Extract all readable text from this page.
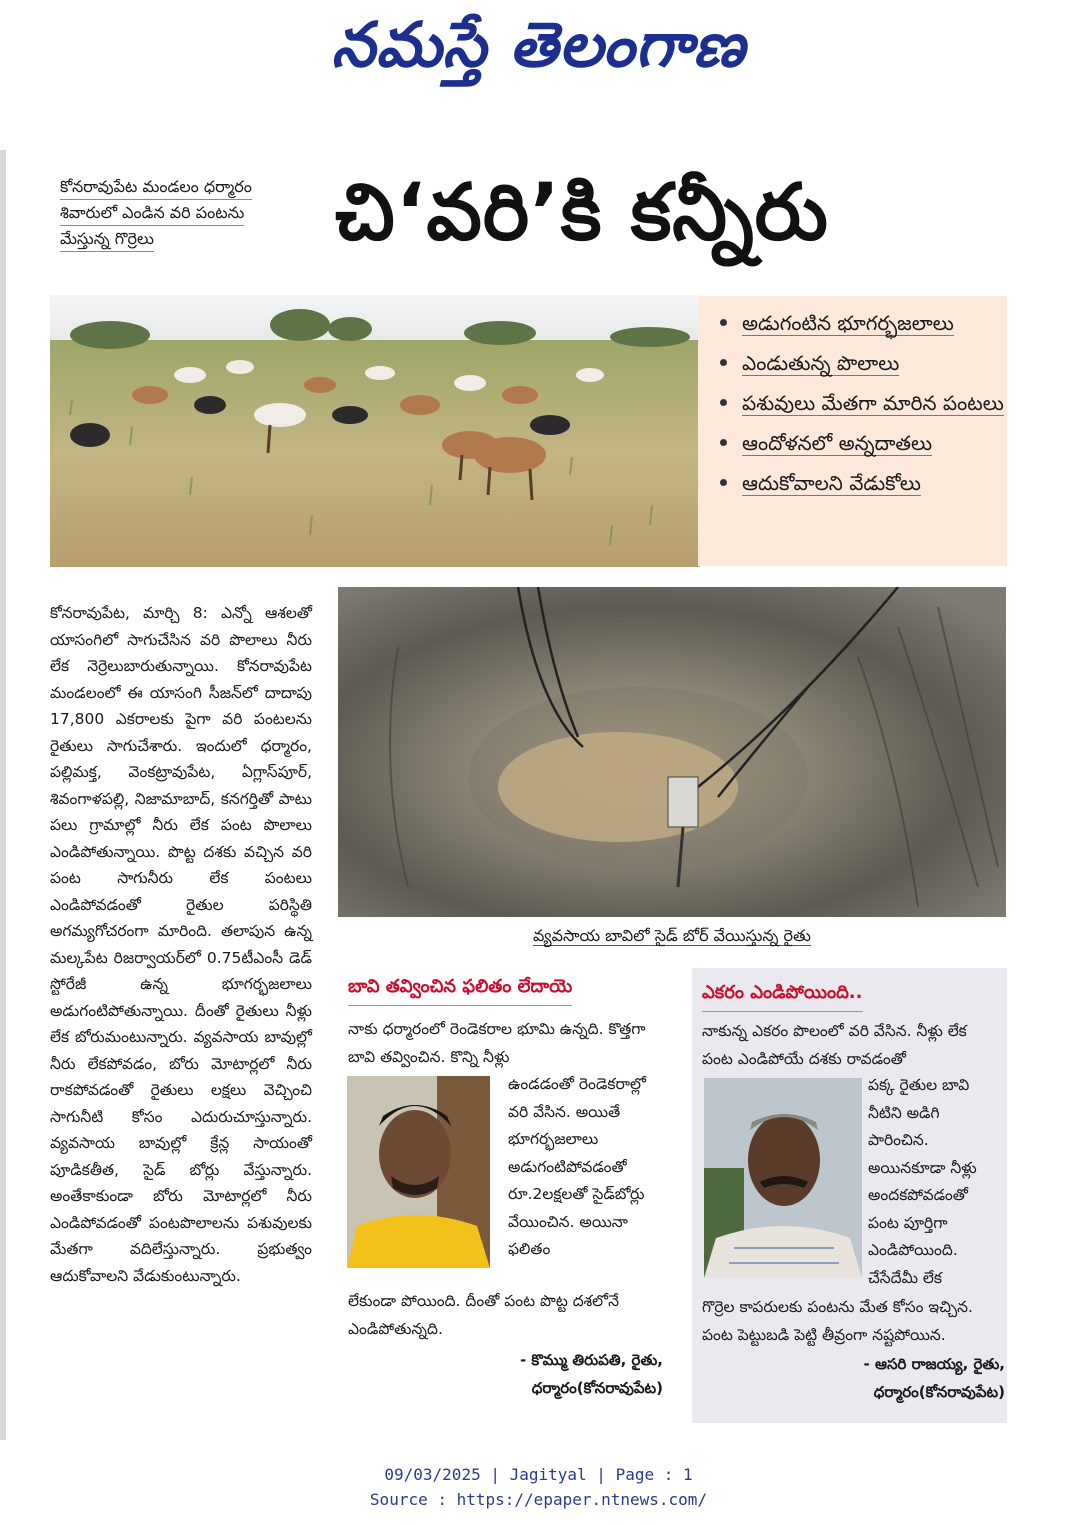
నమస్తే తెలంగాణ
కోనరావుపేట మండలం ధర్మారం
శివారులో ఎండిన వరి పంటను
మేస్తున్న గొర్రెలు	చి‘వరి’కి కన్నీరు
అడుగంటిన భూగర్భజలాలు
ఎండుతున్న పొలాలు
పశువులు మేతగా మారిన పంటలు
ఆందోళనలో అన్నదాతలు
ఆదుకోవాలని వేడుకోలు
కోనరావుపేట, మార్చి 8: ఎన్నో ఆశలతో యాసంగిలో సాగుచేసిన వరి పొలాలు నీరు లేక నెర్రెలుబారుతున్నాయి. కోనరావుపేట మండలంలో ఈ యాసంగి సీజన్‌లో దాదాపు 17,800 ఎకరాలకు పైగా వరి పంటలను రైతులు సాగుచేశారు. ఇందులో ధర్మారం, పల్లిమక్త, వెంకట్రావుపేట, ఏగ్లాస్‌పూర్, శివంగాళపల్లి, నిజామాబాద్, కనగర్తితో పాటు పలు గ్రామాల్లో నీరు లేక పంట పొలాలు ఎండిపోతున్నాయి. పొట్ట దశకు వచ్చిన వరి పంట సాగునీరు లేక పంటలు ఎండిపోవడంతో రైతుల పరిస్థితి అగమ్యగోచరంగా మారింది. తలాపున ఉన్న మల్కపేట రిజర్వాయర్‌లో 0.75టీఎంసీ డెడ్ స్టోరేజీ ఉన్న భూగర్భజలాలు అడుగంటిపోతున్నాయి. దీంతో రైతులు నీళ్లు లేక బోరుమంటున్నారు. వ్యవసాయ బావుల్లో నీరు లేకపోవడం, బోరు మోటార్లలో నీరు రాకపోవడంతో రైతులు లక్షలు వెచ్చించి సాగునీటి కోసం ఎదురుచూస్తున్నారు. వ్యవసాయ బావుల్లో క్రేన్ల సాయంతో పూడికతీత, సైడ్ బోర్లు వేస్తున్నారు. అంతేకాకుండా బోరు మోటార్లలో నీరు ఎండిపోవడంతో పంటపొలాలను పశువులకు మేతగా వదిలేస్తున్నారు. ప్రభుత్వం ఆదుకోవాలని వేడుకుంటున్నారు.
వ్యవసాయ బావిలో సైడ్ బోర్ వేయిస్తున్న రైతు
బావి తవ్వించిన ఫలితం లేదాయె
నాకు ధర్మారంలో రెండెకరాల భూమి ఉన్నది. కొత్తగా బావి తవ్వించిన. కొన్ని నీళ్లు
ఉండడంతో రెండెకరాల్లో వరి వేసిన. అయితే భూగర్భజలాలు అడుగంటిపోవడంతో రూ.2లక్షలతో సైడ్‌బోర్లు వేయించిన. అయినా ఫలితం
లేకుండా పోయింది. దీంతో పంట పొట్ట దశలోనే ఎండిపోతున్నది.
- కొమ్ము తిరుపతి, రైతు,
ధర్మారం(కోనరావుపేట)
ఎకరం ఎండిపోయింది..
నాకున్న ఎకరం పొలంలో వరి వేసిన. నీళ్లు లేక పంట ఎండిపోయే దశకు రావడంతో
పక్క రైతుల బావి నీటిని అడిగి పారించిన. అయినకూడా నీళ్లు అందకపోవడంతో పంట పూర్తిగా ఎండిపోయింది. చేసేదేమీ లేక
గొర్రెల కాపరులకు పంటను మేత కోసం ఇచ్చిన. పంట పెట్టుబడి పెట్టి తీవ్రంగా నష్టపోయిన.
- ఆసరి రాజయ్య, రైతు,
ధర్మారం(కోనరావుపేట)
09/03/2025 | Jagityal | Page : 1
Source : https://epaper.ntnews.com/
